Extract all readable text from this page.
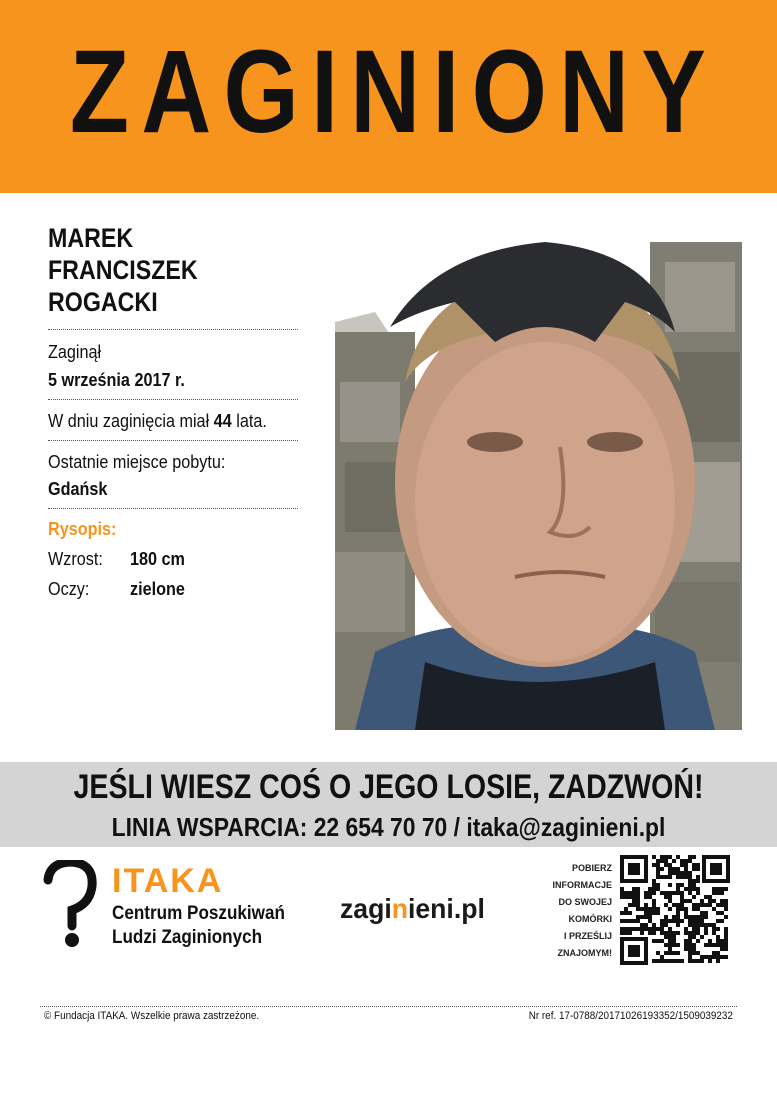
ZAGINIONY
MAREK
FRANCISZEK
ROGACKI
Zaginął
5 września 2017 r.
W dniu zaginięcia miał 44 lata.
Ostatnie miejsce pobytu:
Gdańsk
Rysopis:
Wzrost: 180 cm
Oczy: zielone
JEŚLI WIESZ COŚ O JEGO LOSIE, ZADZWOŃ!
LINIA WSPARCIA: 22 654 70 70 / itaka@zaginieni.pl
ITAKA
Centrum Poszukiwań
Ludzi Zaginionych
zaginieni.pl
POBIERZ
INFORMACJE
DO SWOJEJ
KOMÓRKI
I PRZEŚLIJ
ZNAJOMYM!
© Fundacja ITAKA. Wszelkie prawa zastrzeżone.	Nr ref. 17-0788/20171026193352/1509039232
